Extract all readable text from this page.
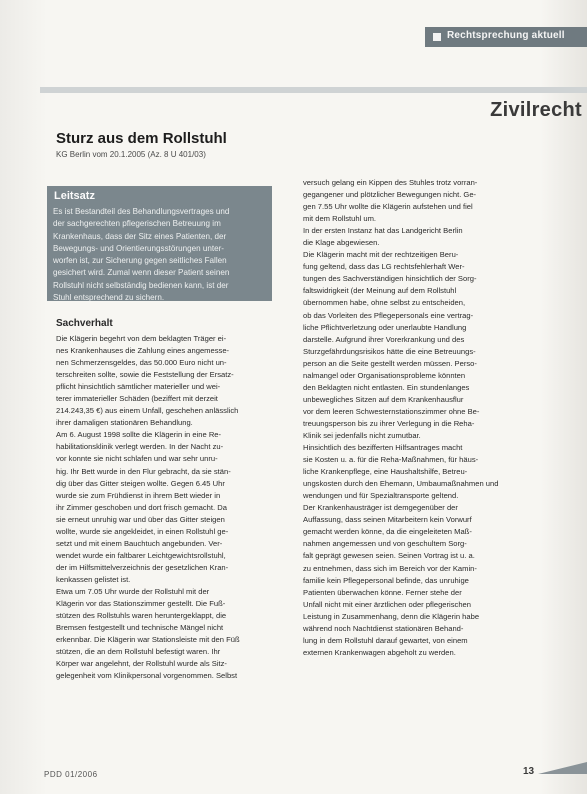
Rechtsprechung aktuell
Zivilrecht
Sturz aus dem Rollstuhl
KG Berlin vom 20.1.2005 (Az. 8 U 401/03)
Leitsatz
Es ist Bestandteil des Behandlungsvertrages und
der sachgerechten pflegerischen Betreuung im
Krankenhaus, dass der Sitz eines Patienten, der
Bewegungs- und Orientierungsstörungen unter-
worfen ist, zur Sicherung gegen seitliches Fallen
gesichert wird. Zumal wenn dieser Patient seinen
Rollstuhl nicht selbständig bedienen kann, ist der
Stuhl entsprechend zu sichern.
Sachverhalt
Die Klägerin begehrt von dem beklagten Träger ei-
nes Krankenhauses die Zahlung eines angemesse-
nen Schmerzensgeldes, das 50.000 Euro nicht un-
terschreiten sollte, sowie die Feststellung der Ersatz-
pflicht hinsichtlich sämtlicher materieller und wei-
terer immaterieller Schäden (beziffert mit derzeit
214.243,35 €) aus einem Unfall, geschehen anlässlich
ihrer damaligen stationären Behandlung.
Am 6. August 1998 sollte die Klägerin in eine Re-
habilitationsklinik verlegt werden. In der Nacht zu-
vor konnte sie nicht schlafen und war sehr unru-
hig. Ihr Bett wurde in den Flur gebracht, da sie stän-
dig über das Gitter steigen wollte. Gegen 6.45 Uhr
wurde sie zum Frühdienst in ihrem Bett wieder in
ihr Zimmer geschoben und dort frisch gemacht. Da
sie erneut unruhig war und über das Gitter steigen
wollte, wurde sie angekleidet, in einen Rollstuhl ge-
setzt und mit einem Bauchtuch angebunden. Ver-
wendet wurde ein faltbarer Leichtgewichtsrollstuhl,
der im Hilfsmittelverzeichnis der gesetzlichen Kran-
kenkassen gelistet ist.
Etwa um 7.05 Uhr wurde der Rollstuhl mit der
Klägerin vor das Stationszimmer gestellt. Die Fuß-
stützen des Rollstuhls waren heruntergeklappt, die
Bremsen festgestellt und technische Mängel nicht
erkennbar. Die Klägerin war Stationsleiste mit den Füß
stützen, die an dem Rollstuhl befestigt waren. Ihr
Körper war angelehnt, der Rollstuhl wurde als Sitz-
gelegenheit vom Klinikpersonal vorgenommen. Selbst
versuch gelang ein Kippen des Stuhles trotz vorran-
gegangener und plötzlicher Bewegungen nicht. Ge-
gen 7.55 Uhr wollte die Klägerin aufstehen und fiel
mit dem Rollstuhl um.
In der ersten Instanz hat das Landgericht Berlin
die Klage abgewiesen.
Die Klägerin macht mit der rechtzeitigen Beru-
fung geltend, dass das LG rechtsfehlerhaft Wer-
tungen des Sachverständigen hinsichtlich der Sorg-
faltswidrigkeit (der Meinung auf dem Rollstuhl
übernommen habe, ohne selbst zu entscheiden,
ob das Vorleiten des Pflegepersonals eine vertrag-
liche Pflichtverletzung oder unerlaubte Handlung
darstelle. Aufgrund ihrer Vorerkrankung und des
Sturzgefährdungsrisikos hätte die eine Betreuungs-
person an die Seite gestellt werden müssen. Perso-
nalmangel oder Organisationsprobleme könnten
den Beklagten nicht entlasten. Ein stundenlanges
unbewegliches Sitzen auf dem Krankenhausflur
vor dem leeren Schwesternstationszimmer ohne Be-
treuungsperson bis zu ihrer Verlegung in die Reha-
Klinik sei jedenfalls nicht zumutbar.
Hinsichtlich des bezifferten Hilfsantrages macht
sie Kosten u. a. für die Reha-Maßnahmen, für häus-
liche Krankenpflege, eine Haushaltshilfe, Betreu-
ungskosten durch den Ehemann, Umbaumaßnahmen und
wendungen und für Spezialtransporte geltend.
Der Krankenhausträger ist demgegenüber der
Auffassung, dass seinen Mitarbeitern kein Vorwurf
gemacht werden könne, da die eingeleiteten Maß-
nahmen angemessen und von geschultem Sorg-
falt geprägt gewesen seien. Seinen Vortrag ist u. a.
zu entnehmen, dass sich im Bereich vor der Kamin-
familie kein Pflegepersonal befinde, das unruhige
Patienten überwachen könne. Ferner stehe der
Unfall nicht mit einer ärztlichen oder pflegerischen
Leistung in Zusammenhang, denn die Klägerin habe
während noch Nachtdienst stationären Behand-
lung in dem Rollstuhl darauf gewartet, von einem
externen Krankenwagen abgeholt zu werden.
PDD 01/2006	13
